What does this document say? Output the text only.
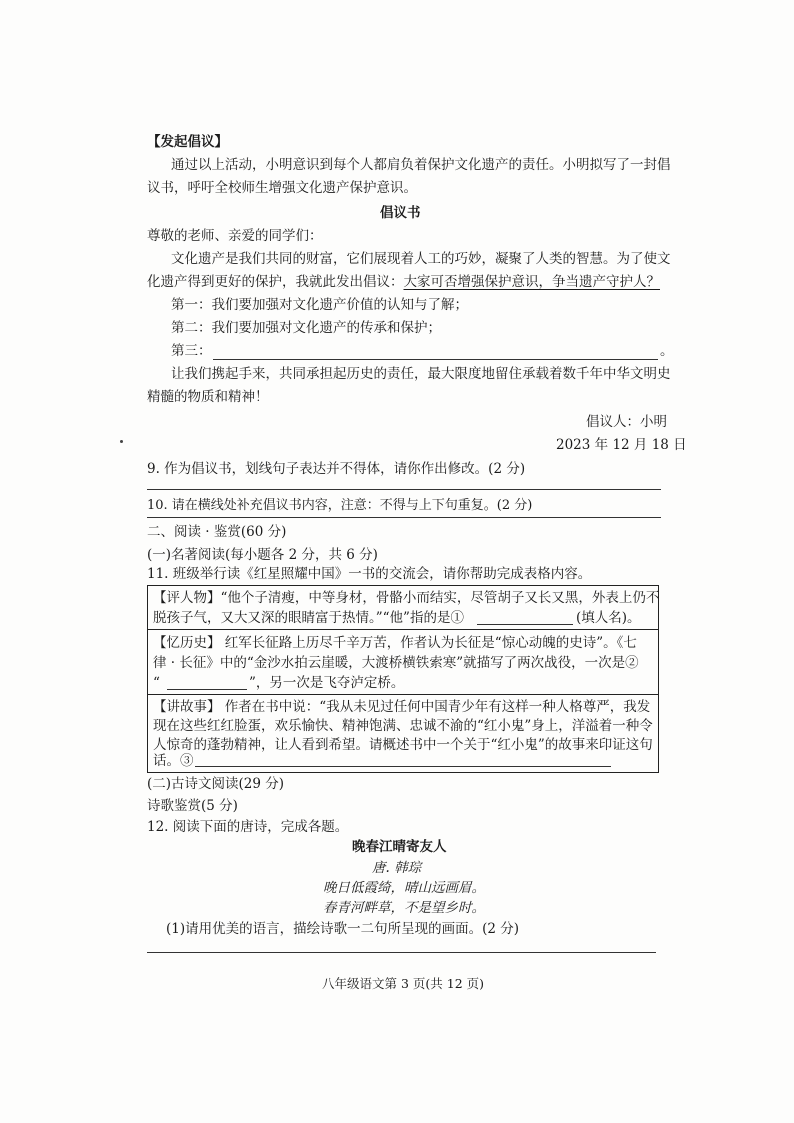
【发起倡议】
通过以上活动，小明意识到每个人都肩负着保护文化遗产的责任。小明拟写了一封倡
议书，呼吁全校师生增强文化遗产保护意识。
倡议书
尊敬的老师、亲爱的同学们：
文化遗产是我们共同的财富，它们展现着人工的巧妙，凝聚了人类的智慧。为了使文
化遗产得到更好的保护，我就此发出倡议：大家可否增强保护意识，争当遗产守护人？
第一：我们要加强对文化遗产价值的认知与了解；
第二：我们要加强对文化遗产的传承和保护；
第三：	。
让我们携起手来，共同承担起历史的责任，最大限度地留住承载着数千年中华文明史
精髓的物质和精神！
倡议人：小明
2023 年 12 月 18 日
9. 作为倡议书，划线句子表达并不得体，请你作出修改。(2 分)
10. 请在横线处补充倡议书内容，注意：不得与上下句重复。(2 分)
二、阅读 · 鉴赏(60 分)
(一)名著阅读(每小题各 2 分，共 6 分)
11. 班级举行读《红星照耀中国》一书的交流会，请你帮助完成表格内容。
【评人物】“他个子清瘦，中等身材，骨骼小而结实，尽管胡子又长又黑，外表上仍不
脱孩子气，又大又深的眼睛富于热情。”“他”指的是①	(填人名)。
【忆历史】 红军长征路上历尽千辛万苦，作者认为长征是“惊心动魄的史诗”。《七
律 · 长征》中的“金沙水拍云崖暖，大渡桥横铁索寒”就描写了两次战役，一次是②
“	”，另一次是飞夺泸定桥。
【讲故事】 作者在书中说：“我从未见过任何中国青少年有这样一种人格尊严，我发
现在这些红红脸蛋，欢乐愉快、精神饱满、忠诚不渝的“红小鬼”身上，洋溢着一种令
人惊奇的蓬勃精神，让人看到希望。请概述书中一个关于“红小鬼”的故事来印证这句
话。③
(二)古诗文阅读(29 分)
诗歌鉴赏(5 分)
12. 阅读下面的唐诗，完成各题。
晚春江晴寄友人
唐. 韩琮
晚日低霞绮，晴山远画眉。
春青河畔草，不是望乡时。
(1)请用优美的语言，描绘诗歌一二句所呈现的画面。(2 分)
八年级语文第 3 页(共 12 页)
